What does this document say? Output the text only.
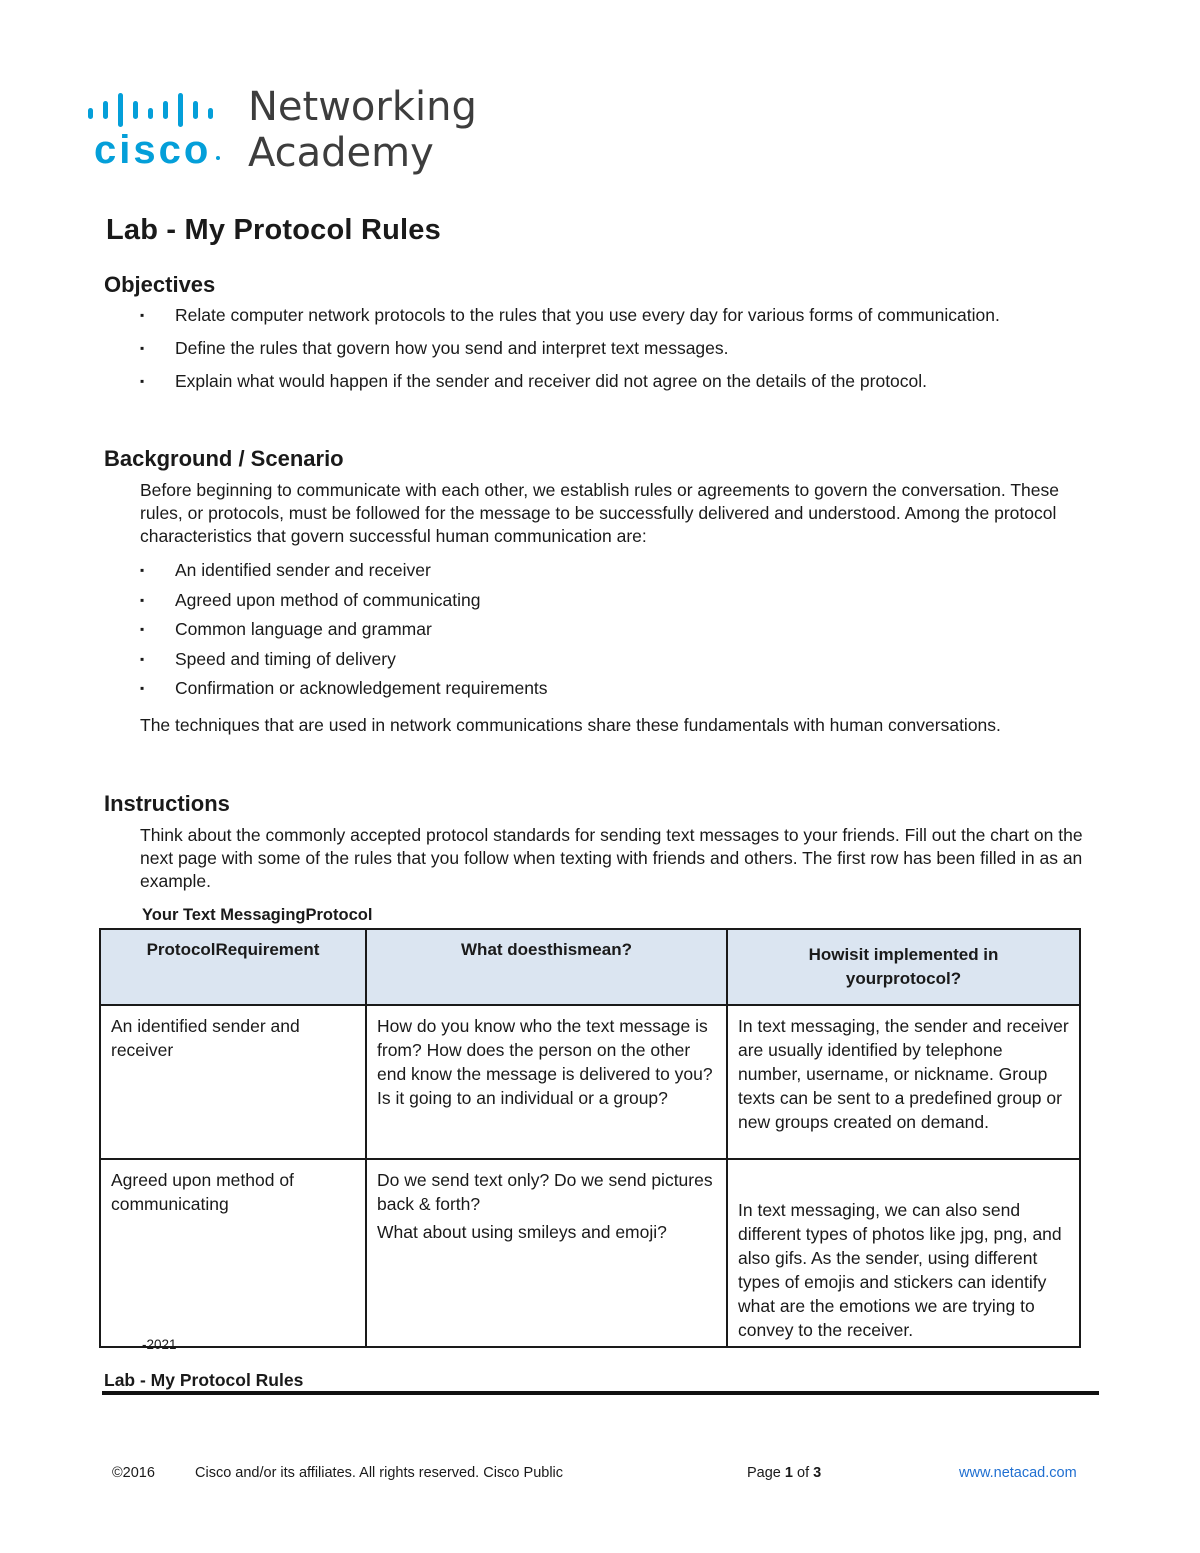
cisco
Networking
Academy
Lab - My Protocol Rules
Objectives
▪ Relate computer network protocols to the rules that you use every day for various forms of communication.
▪ Define the rules that govern how you send and interpret text messages.
▪ Explain what would happen if the sender and receiver did not agree on the details of the protocol.
Background / Scenario

Before beginning to communicate with each other, we establish rules or agreements to govern the conversation. These rules, or protocols, must be followed for the message to be successfully delivered and understood. Among the protocol characteristics that govern successful human communication are:

▪ An identified sender and receiver
▪ Agreed upon method of communicating
▪ Common language and grammar
▪ Speed and timing of delivery
▪ Confirmation or acknowledgement requirements

The techniques that are used in network communications share these fundamentals with human conversations.

Instructions

Think about the commonly accepted protocol standards for sending text messages to your friends. Fill out the chart on the next page with some of the rules that you follow when texting with friends and others. The first row has been filled in as an example.

Your Text MessagingProtocol

ProtocolRequirement	What doesthismean?	Howisit implemented in yourprotocol?
An identified sender and receiver	How do you know who the text message is from? How does the person on the other end know the message is delivered to you? Is it going to an individual or a group?	In text messaging, the sender and receiver are usually identified by telephone number, username, or nickname. Group texts can be sent to a predefined group or new groups created on demand.
Agreed upon method of communicating	Do we send text only? Do we send pictures back & forth?
What about using smileys and emoji?	In text messaging, we can also send different types of photos like jpg, png, and also gifs. As the sender, using different types of emojis and stickers can identify what are the emotions we are trying to convey to the receiver.

-2021

Lab - My Protocol Rules

©2016	Cisco and/or its affiliates. All rights reserved. Cisco Public	Page 1 of 3	www.netacad.com
